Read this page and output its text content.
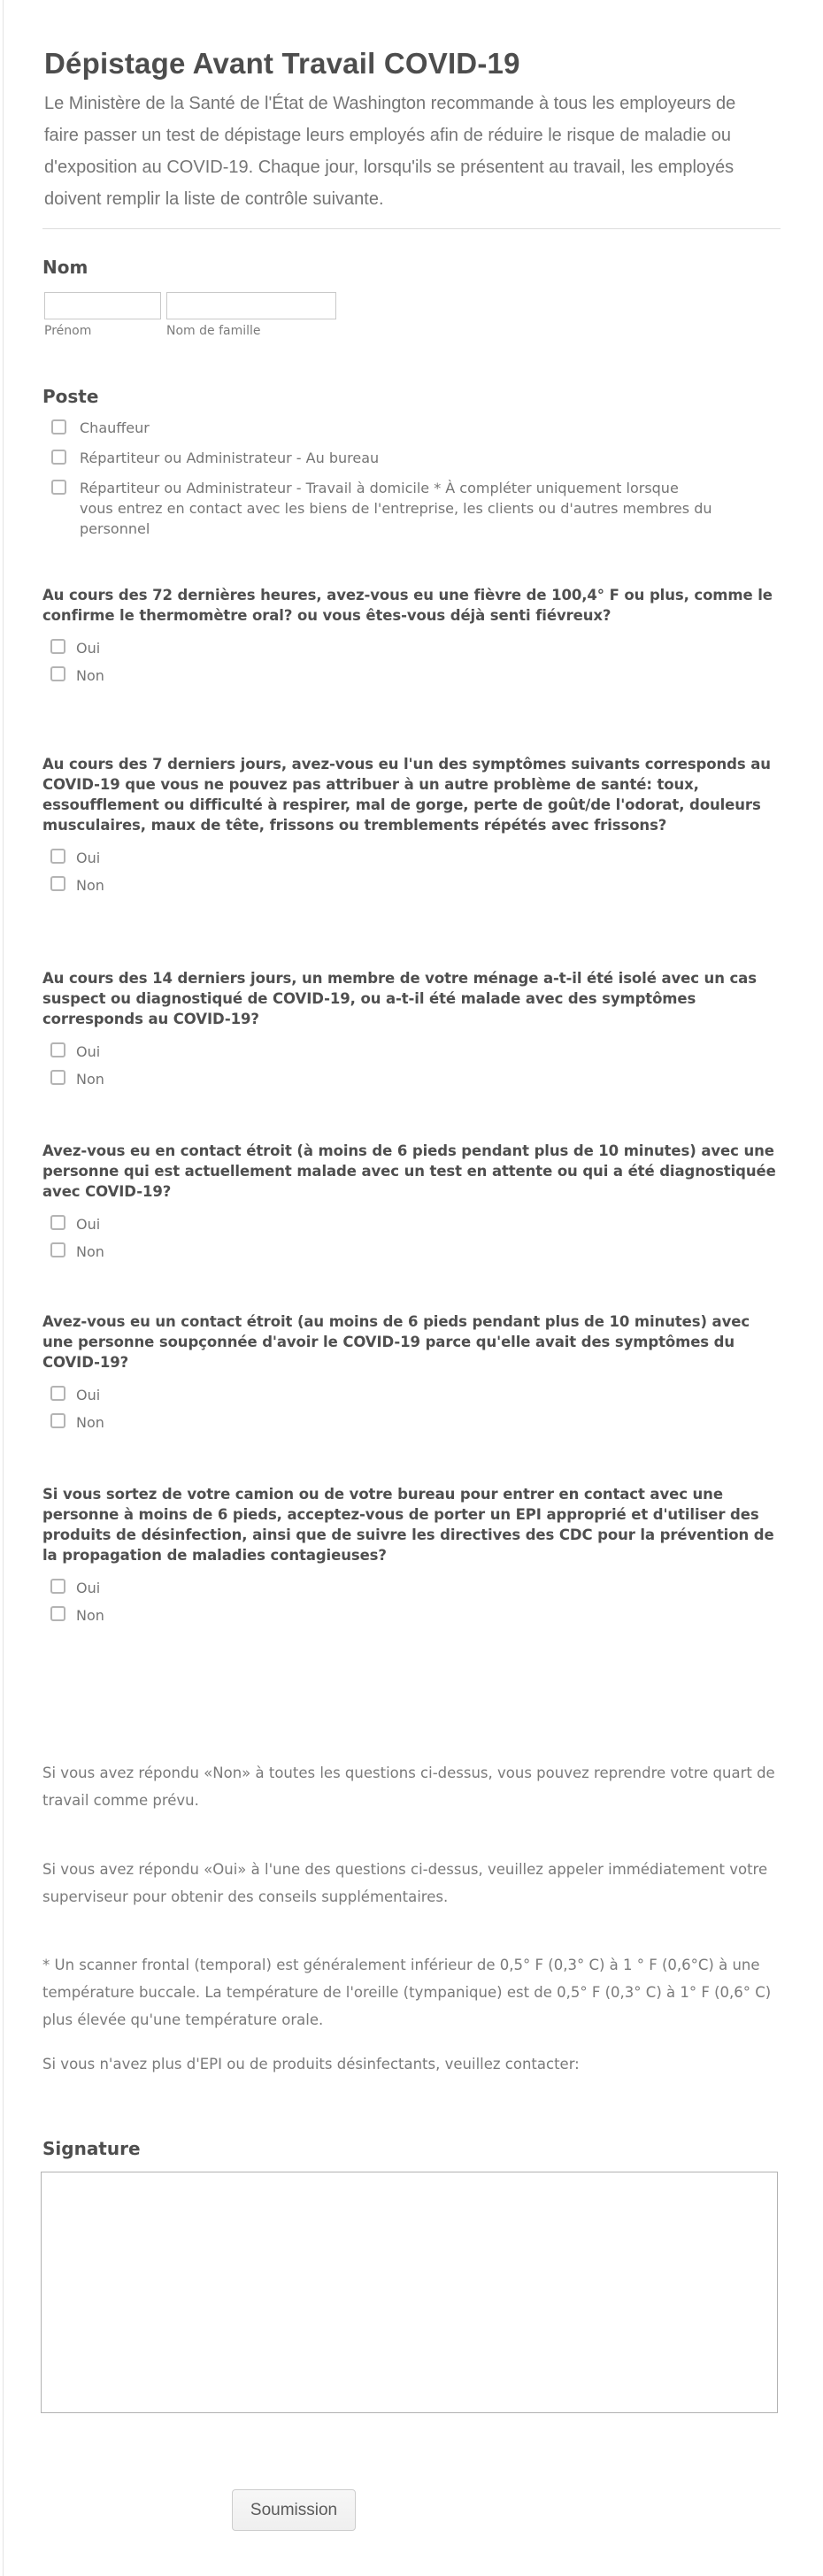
Dépistage Avant Travail COVID-19

Le Ministère de la Santé de l'État de Washington recommande à tous les employeurs de faire passer un test de dépistage leurs employés afin de réduire le risque de maladie ou d'exposition au COVID-19. Chaque jour, lorsqu'ils se présentent au travail, les employés doivent remplir la liste de contrôle suivante.

Nom
Prénom	Nom de famille
Poste
Chauffeur
Répartiteur ou Administrateur - Au bureau
Répartiteur ou Administrateur - Travail à domicile * À compléter uniquement lorsque vous entrez en contact avec les biens de l'entreprise, les clients ou d'autres membres du personnel
Au cours des 72 dernières heures, avez-vous eu une fièvre de 100,4° F ou plus, comme le confirme le thermomètre oral? ou vous êtes-vous déjà senti fiévreux?
Oui
Non
Au cours des 7 derniers jours, avez-vous eu l'un des symptômes suivants corresponds au COVID-19 que vous ne pouvez pas attribuer à un autre problème de santé: toux, essoufflement ou difficulté à respirer, mal de gorge, perte de goût/de l'odorat, douleurs musculaires, maux de tête, frissons ou tremblements répétés avec frissons?
Oui
Non
Au cours des 14 derniers jours, un membre de votre ménage a-t-il été isolé avec un cas suspect ou diagnostiqué de COVID-19, ou a-t-il été malade avec des symptômes corresponds au COVID-19?
Oui
Non
Avez-vous eu en contact étroit (à moins de 6 pieds pendant plus de 10 minutes) avec une personne qui est actuellement malade avec un test en attente ou qui a été diagnostiquée avec COVID-19?
Oui
Non
Avez-vous eu un contact étroit (au moins de 6 pieds pendant plus de 10 minutes) avec une personne soupçonnée d'avoir le COVID-19 parce qu'elle avait des symptômes du COVID-19?
Oui
Non
Si vous sortez de votre camion ou de votre bureau pour entrer en contact avec une personne à moins de 6 pieds, acceptez-vous de porter un EPI approprié et d'utiliser des produits de désinfection, ainsi que de suivre les directives des CDC pour la prévention de la propagation de maladies contagieuses?
Oui
Non

Si vous avez répondu «Non» à toutes les questions ci-dessus, vous pouvez reprendre votre quart de travail comme prévu.

Si vous avez répondu «Oui» à l'une des questions ci-dessus, veuillez appeler immédiatement votre superviseur pour obtenir des conseils supplémentaires.

* Un scanner frontal (temporal) est généralement inférieur de 0,5° F (0,3° C) à 1 ° F (0,6°C) à une température buccale. La température de l'oreille (tympanique) est de 0,5° F (0,3° C) à 1° F (0,6° C) plus élevée qu'une température orale.

Si vous n'avez plus d'EPI ou de produits désinfectants, veuillez contacter:

Signature
Soumission
